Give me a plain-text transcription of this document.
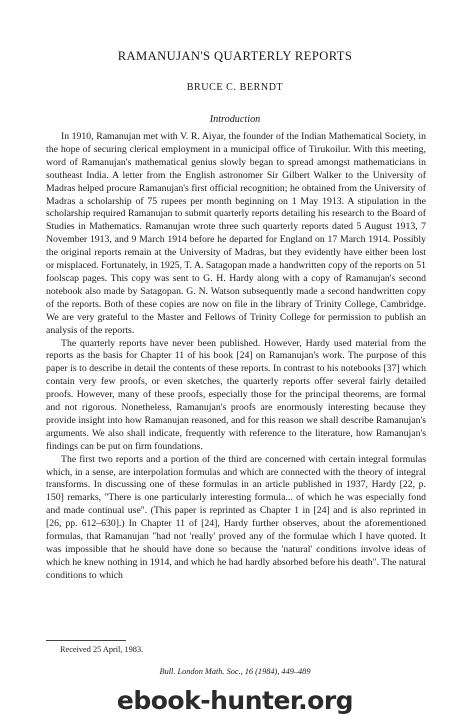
RAMANUJAN'S QUARTERLY REPORTS
BRUCE C. BERNDT
Introduction

In 1910, Ramanujan met with V. R. Aiyar, the founder of the Indian Mathematical Society, in the hope of securing clerical employment in a municipal office of Tirukoilur. With this meeting, word of Ramanujan's mathematical genius slowly began to spread amongst mathematicians in southeast India. A letter from the English astronomer Sir Gilbert Walker to the University of Madras helped procure Ramanujan's first official recognition; he obtained from the University of Madras a scholarship of 75 rupees per month beginning on 1 May 1913. A stipulation in the scholarship required Ramanujan to submit quarterly reports detailing his research to the Board of Studies in Mathematics. Ramanujan wrote three such quarterly reports dated 5 August 1913, 7 November 1913, and 9 March 1914 before he departed for England on 17 March 1914. Possibly the original reports remain at the University of Madras, but they evidently have either been lost or misplaced. Fortunately, in 1925, T. A. Satagopan made a handwritten copy of the reports on 51 foolscap pages. This copy was sent to G. H. Hardy along with a copy of Ramanujan's second notebook also made by Satagopan. G. N. Watson subsequently made a second handwritten copy of the reports. Both of these copies are now on file in the library of Trinity College, Cambridge. We are very grateful to the Master and Fellows of Trinity College for permission to publish an analysis of the reports.

The quarterly reports have never been published. However, Hardy used material from the reports as the basis for Chapter 11 of his book [24] on Ramanujan's work. The purpose of this paper is to describe in detail the contents of these reports. In contrast to his notebooks [37] which contain very few proofs, or even sketches, the quarterly reports offer several fairly detailed proofs. However, many of these proofs, especially those for the principal theorems, are formal and not rigorous. Nonetheless, Ramanujan's proofs are enormously interesting because they provide insight into how Ramanujan reasoned, and for this reason we shall describe Ramanujan's arguments. We also shall indicate, frequently with reference to the literature, how Ramanujan's findings can be put on firm foundations.

The first two reports and a portion of the third are concerned with certain integral formulas which, in a sense, are interpolation formulas and which are connected with the theory of integral transforms. In discussing one of these formulas in an article published in 1937, Hardy [22, p. 150] remarks, "There is one particularly interesting formula... of which he was especially fond and made continual use". (This paper is reprinted as Chapter 1 in [24] and is also reprinted in [26, pp. 612–630].) In Chapter 11 of [24], Hardy further observes, about the aforementioned formulas, that Ramanujan "had not 'really' proved any of the formulae which I have quoted. It was impossible that he should have done so because the 'natural' conditions involve ideas of which he knew nothing in 1914, and which he had hardly absorbed before his death". The natural conditions to which

Received 25 April, 1983.
Bull. London Math. Soc., 16 (1984), 449–489
ebook-hunter.org
